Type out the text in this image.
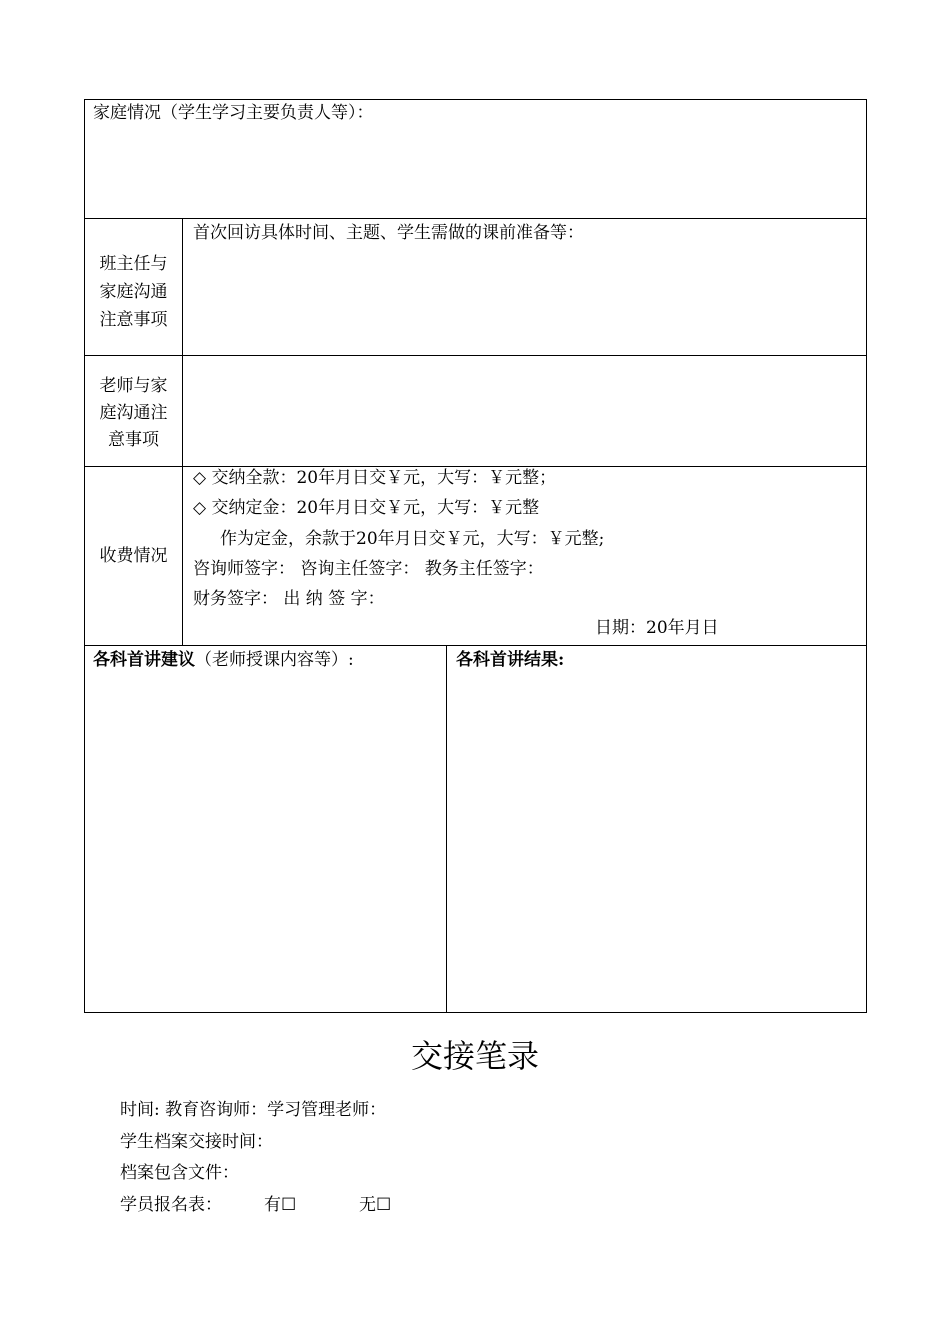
家庭情况（学生学习主要负责人等）：
班主任与
家庭沟通
注意事项
首次回访具体时间、主题、学生需做的课前准备等：
老师与家
庭沟通注
意事项
收费情况
◇ 交纳全款：20年月日交￥元，大写：￥元整；
◇ 交纳定金：20年月日交￥元，大写：￥元整
作为定金，余款于20年月日交￥元，大写：￥元整;
咨询师签字： 咨询主任签字： 教务主任签字：
财务签字： 出 纳 签 字：
日期：20年月日
各科首讲建议（老师授课内容等）:	各科首讲结果:
交接笔录
时间: 教育咨询师：学习管理老师：
学生档案交接时间：
档案包含文件：
学员报名表： 有☐	无☐
